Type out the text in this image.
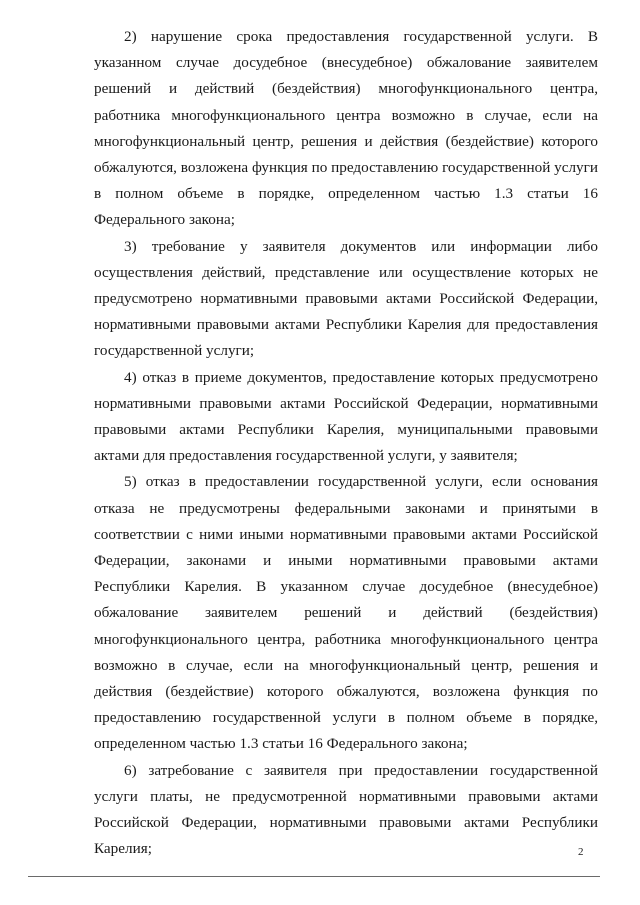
2) нарушение срока предоставления государственной услуги. В указанном случае досудебное (внесудебное) обжалование заявителем решений и действий (бездействия) многофункционального центра, работника многофункционального центра возможно в случае, если на многофункциональный центр, решения и действия (бездействие) которого обжалуются, возложена функция по предоставлению государственной услуги в полном объеме в порядке, определенном частью 1.3 статьи 16 Федерального закона;

3) требование у заявителя документов или информации либо осуществления действий, представление или осуществление которых не предусмотрено нормативными правовыми актами Российской Федерации, нормативными правовыми актами Республики Карелия для предоставления государственной услуги;

4) отказ в приеме документов, предоставление которых предусмотрено нормативными правовыми актами Российской Федерации, нормативными правовыми актами Республики Карелия, муниципальными правовыми актами для предоставления государственной услуги, у заявителя;

5) отказ в предоставлении государственной услуги, если основания отказа не предусмотрены федеральными законами и принятыми в соответствии с ними иными нормативными правовыми актами Российской Федерации, законами и иными нормативными правовыми актами Республики Карелия. В указанном случае досудебное (внесудебное) обжалование заявителем решений и действий (бездействия) многофункционального центра, работника многофункционального центра возможно в случае, если на многофункциональный центр, решения и действия (бездействие) которого обжалуются, возложена функция по предоставлению государственной услуги в полном объеме в порядке, определенном частью 1.3 статьи 16 Федерального закона;

6) затребование с заявителя при предоставлении государственной услуги платы, не предусмотренной нормативными правовыми актами Российской Федерации, нормативными правовыми актами Республики Карелия;	2
